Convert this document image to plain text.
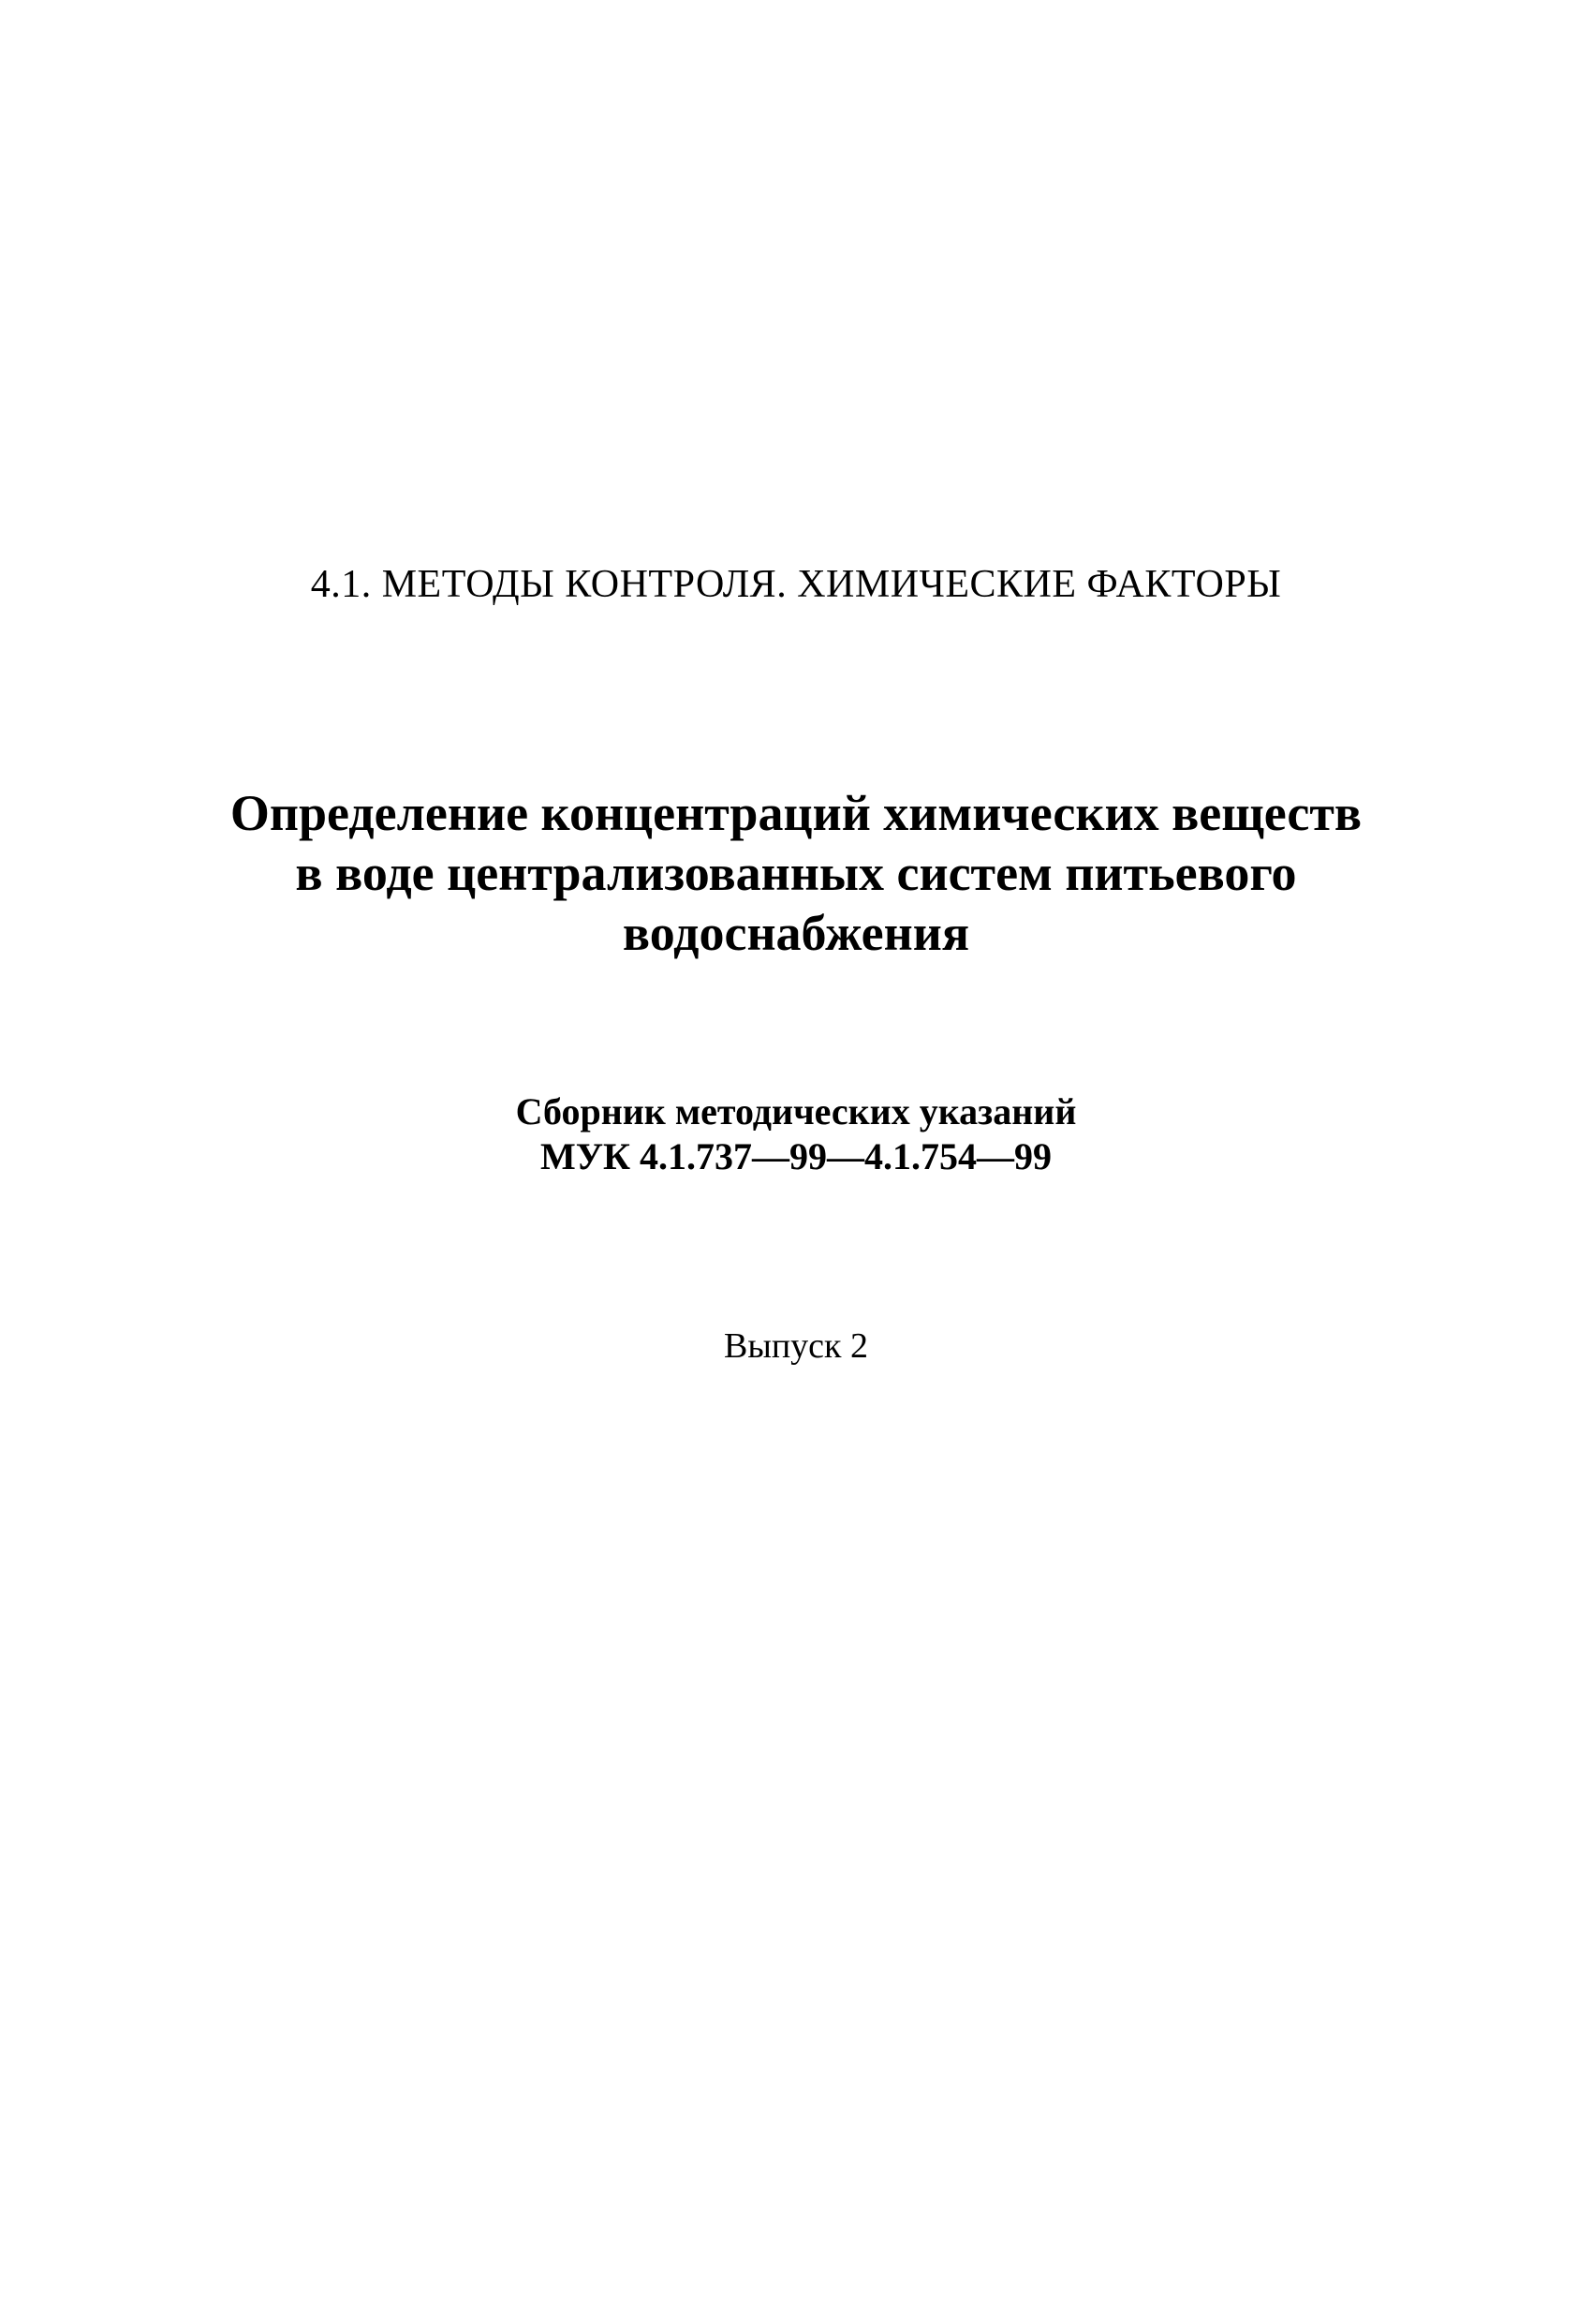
4.1. МЕТОДЫ КОНТРОЛЯ. ХИМИЧЕСКИЕ ФАКТОРЫ
Определение концентраций химических веществ
в воде централизованных систем питьевого
водоснабжения
Сборник методических указаний
МУК 4.1.737—99—4.1.754—99
Выпуск 2
